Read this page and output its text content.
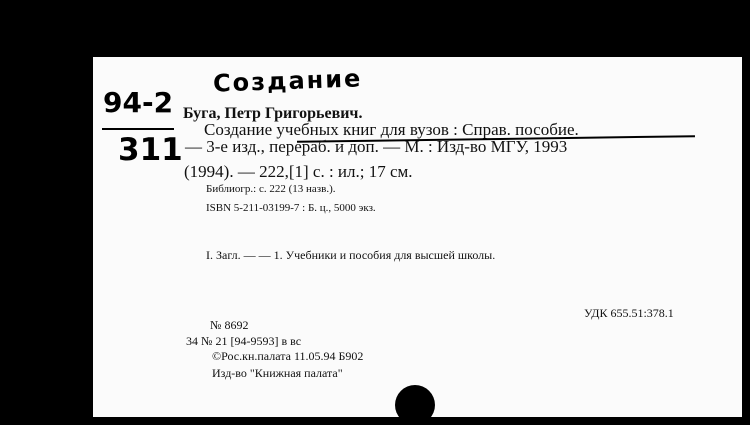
Создание
94-2
311
Буга, Петр Григорьевич.
Создание учебных книг для вузов : Справ. пособие.
— 3-е изд., перераб. и доп. — М. : Изд-во МГУ, 1993
(1994). — 222,[1] с. : ил.; 17 см.
Библиогр.: с. 222 (13 назв.).
ISBN 5-211-03199-7 : Б. ц., 5000 экз.
I. Загл. — — 1. Учебники и пособия для высшей школы.
УДК 655.51:378.1
№ 8692
34 № 21 [94-9593] в вс
©Рос.кн.палата 11.05.94 Б902
Изд-во "Книжная палата"
